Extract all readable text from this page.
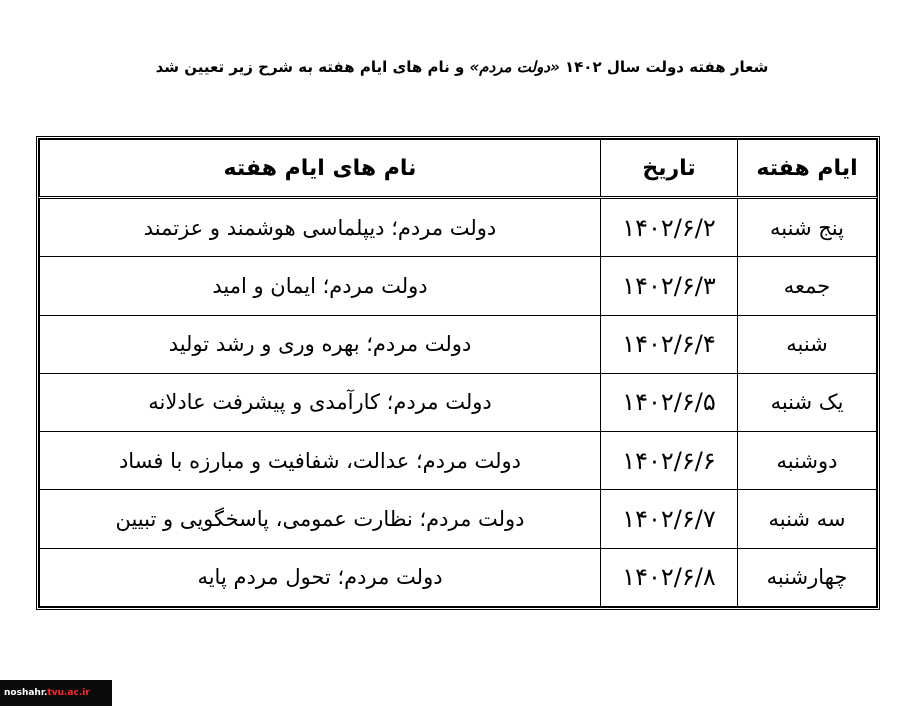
شعار هفته دولت سال ۱۴۰۲ «دولت مردم» و نام های ایام هفته به شرح زیر تعیین شد
ایام هفته	تاریخ	نام های ایام هفته
پنج شنبه	۱۴۰۲/۶/۲	دولت مردم؛ دیپلماسی هوشمند و عزتمند
جمعه	۱۴۰۲/۶/۳	دولت مردم؛ ایمان و امید
شنبه	۱۴۰۲/۶/۴	دولت مردم؛ بهره وری و رشد تولید
یک شنبه	۱۴۰۲/۶/۵	دولت مردم؛ کارآمدی و پیشرفت عادلانه
دوشنبه	۱۴۰۲/۶/۶	دولت مردم؛ عدالت، شفافیت و مبارزه با فساد
سه شنبه	۱۴۰۲/۶/۷	دولت مردم؛ نظارت عمومی، پاسخگویی و تبیین
چهارشنبه	۱۴۰۲/۶/۸	دولت مردم؛ تحول مردم پایه
noshahr.tvu.ac.ir
